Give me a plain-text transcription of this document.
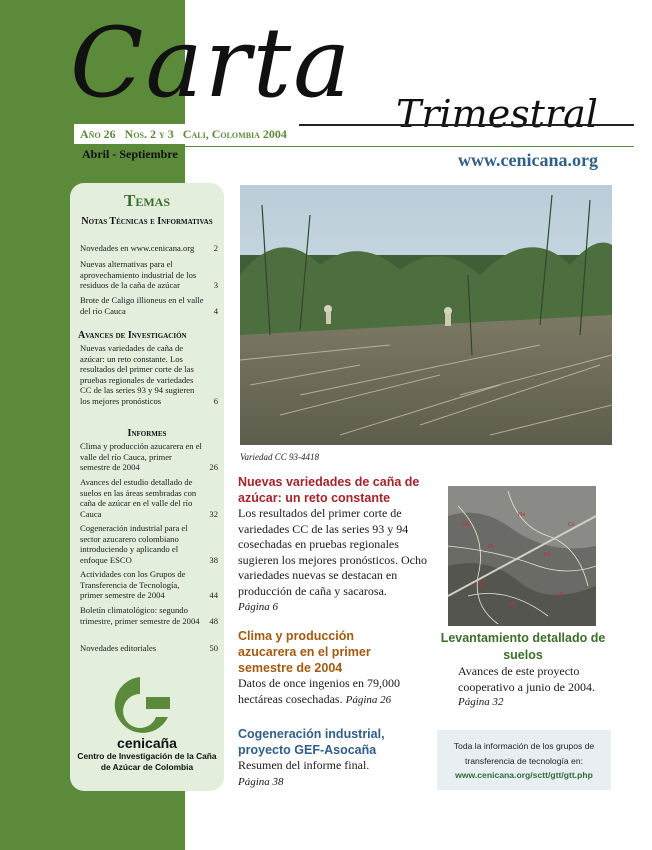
Carta Trimestral
Año 26 Nos. 2 y 3 Cali, Colombia 2004
Abril - Septiembre	www.cenicana.org
Temas
Notas Técnicas e Informativas
Novedades en www.cenicana.org	2
Nuevas alternativas para el aprovechamiento industrial de los residuos de la caña de azúcar	3
Brote de Caligo illioneus en el valle del río Cauca	4
Avances de Investigación
Nuevas variedades de caña de azúcar: un reto constante. Los resultados del primer corte de las pruebas regionales de variedades CC de las series 93 y 94 sugieren los mejores pronósticos	6
Informes
Clima y producción azucarera en el valle del río Cauca, primer semestre de 2004	26
Avances del estudio detallado de suelos en las áreas sembradas con caña de azúcar en el valle del río Cauca	32
Cogeneración industrial para el sector azucarero colombiano introduciendo y aplicando el enfoque ESCO	38
Actividades con los Grupos de Transferencia de Tecnología, primer semestre de 2004	44
Boletín climatológico: segundo trimestre, primer semestre de 2004	48
Novedades editoriales	50
cenicaña
Centro de Investigación de la Caña de Azúcar de Colombia
Variedad CC 93-4418
Nuevas variedades de caña de azúcar: un reto constante
Los resultados del primer corte de variedades CC de las series 93 y 94 cosechadas en pruebas regionales sugieren los mejores pronósticos. Ocho variedades nuevas se destacan en producción de caña y sacarosa.
Página 6
Clima y producción azucarera en el primer semestre de 2004
Datos de once ingenios en 79,000 hectáreas cosechadas. Página 26
Cogeneración industrial, proyecto GEF-Asocaña
Resumen del informe final.
Página 38
NA
PA
Ma
RS
NA
JR
Ca
ND
Levantamiento detallado de suelos
Avances de este proyecto cooperativo a junio de 2004.
Página 32
Toda la información de los grupos de transferencia de tecnología en:
www.cenicana.org/sctt/gtt/gtt.php
